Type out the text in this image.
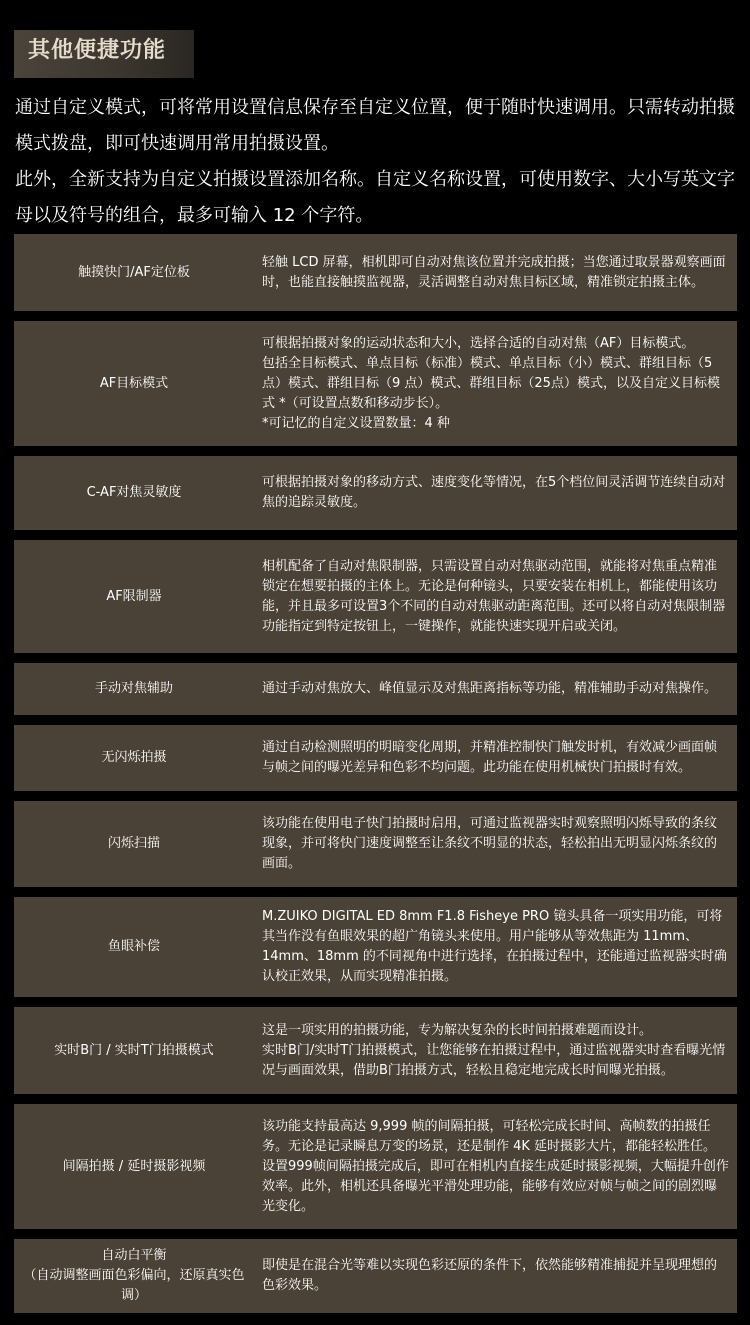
其他便捷功能

通过自定义模式，可将常用设置信息保存至自定义位置，便于随时快速调用。只需转动拍摄模式拨盘，即可快速调用常用拍摄设置。

此外，全新支持为自定义拍摄设置添加名称。自定义名称设置，可使用数字、大小写英文字母以及符号的组合，最多可输入 12 个字符。

触摸快门/AF定位板
轻触 LCD 屏幕，相机即可自动对焦该位置并完成拍摄；当您通过取景器观察画面时，也能直接触摸监视器，灵活调整自动对焦目标区域，精准锁定拍摄主体。
AF目标模式
可根据拍摄对象的运动状态和大小，选择合适的自动对焦（AF）目标模式。
包括全目标模式、单点目标（标准）模式、单点目标（小）模式、群组目标（5点）模式、群组目标（9 点）模式、群组目标（25点）模式，以及自定义目标模式 *（可设置点数和移动步长）。
*可记忆的自定义设置数量：4 种
C-AF对焦灵敏度
可根据拍摄对象的移动方式、速度变化等情况，在5个档位间灵活调节连续自动对焦的追踪灵敏度。
AF限制器
相机配备了自动对焦限制器，只需设置自动对焦驱动范围，就能将对焦重点精准锁定在想要拍摄的主体上。无论是何种镜头，只要安装在相机上，都能使用该功能，并且最多可设置3个不同的自动对焦驱动距离范围。还可以将自动对焦限制器功能指定到特定按钮上，一键操作，就能快速实现开启或关闭。
手动对焦辅助	通过手动对焦放大、峰值显示及对焦距离指标等功能，精准辅助手动对焦操作。
无闪烁拍摄
通过自动检测照明的明暗变化周期，并精准控制快门触发时机，有效减少画面帧与帧之间的曝光差异和色彩不均问题。此功能在使用机械快门拍摄时有效。
闪烁扫描
该功能在使用电子快门拍摄时启用，可通过监视器实时观察照明闪烁导致的条纹现象，并可将快门速度调整至让条纹不明显的状态，轻松拍出无明显闪烁条纹的画面。
鱼眼补偿
M.ZUIKO DIGITAL ED 8mm F1.8 Fisheye PRO 镜头具备一项实用功能，可将其当作没有鱼眼效果的超广角镜头来使用。用户能够从等效焦距为 11mm、14mm、18mm 的不同视角中进行选择，在拍摄过程中，还能通过监视器实时确认校正效果，从而实现精准拍摄。
实时B门 / 实时T门拍摄模式
这是一项实用的拍摄功能，专为解决复杂的长时间拍摄难题而设计。
实时B门/实时T门拍摄模式，让您能够在拍摄过程中，通过监视器实时查看曝光情况与画面效果，借助B门拍摄方式，轻松且稳定地完成长时间曝光拍摄。
间隔拍摄 / 延时摄影视频
该功能支持最高达 9,999 帧的间隔拍摄，可轻松完成长时间、高帧数的拍摄任务。无论是记录瞬息万变的场景，还是制作 4K 延时摄影大片，都能轻松胜任。
设置999帧间隔拍摄完成后，即可在相机内直接生成延时摄影视频，大幅提升创作效率。此外，相机还具备曝光平滑处理功能，能够有效应对帧与帧之间的剧烈曝光变化。
自动白平衡
（自动调整画面色彩偏向，还原真实色调）
即使是在混合光等难以实现色彩还原的条件下，依然能够精准捕捉并呈现理想的色彩效果。
